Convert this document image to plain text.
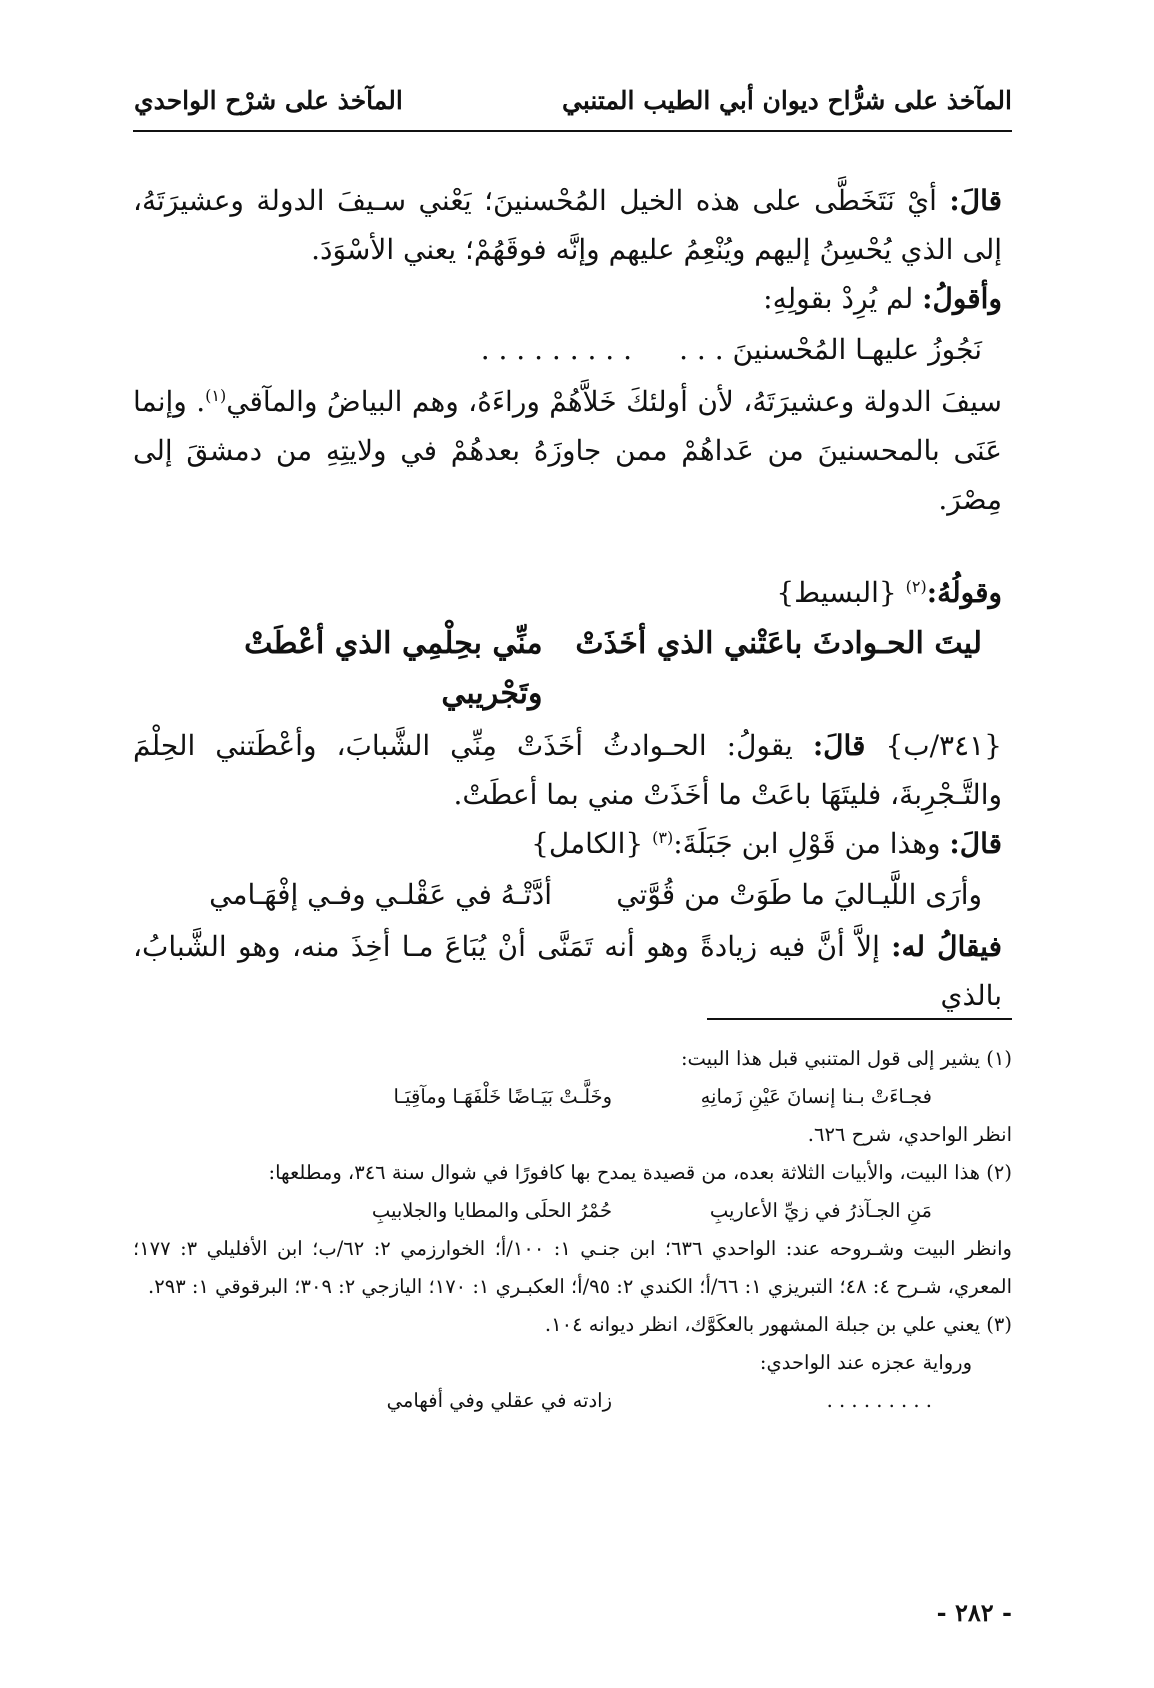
المآخذ على شرُّاح ديوان أبي الطيب المتنبي
المآخذ على شرْح الواحدي

قالَ: أيْ نَتَخَطَّى على هذه الخيل المُحْسنينَ؛ يَعْني سـيفَ الدولة وعشيرَتَهُ، إلى الذي يُحْسِنُ إليهم ويُنْعِمُ عليهم وإنَّه فوقَهُمْ؛ يعني الأسْوَدَ.

وأقولُ: لم يُرِدْ بقولِهِ:

نَجُوزُ عليهـا المُحْسنينَ . . .
. . . . . . . . .

سيفَ الدولة وعشيرَتَهُ، لأن أولئكَ خَلاَّهُمْ وراءَهُ، وهم البياضُ والمآقي$^{(١)}$. وإنما عَنَى بالمحسنينَ من عَداهُمْ ممن جاوزَهُ بعدهُمْ في ولايتِهِ من دمشقَ إلى مِصْرَ.

وقولُهُ:$^{(٢)}$ {البسيط}

ليتَ الحـوادثَ باعَتْني الذي أخَذَتْ
منِّي بحِلْمِي الذي أعْطَتْ وتَجْريبي

{٣٤١/ب} قالَ: يقولُ: الحـوادثُ أخَذَتْ مِنِّي الشَّبابَ، وأعْطَتني الحِلْمَ والتَّـجْرِبةَ، فليتَهَا باعَتْ ما أخَذَتْ مني بما أعطَتْ.

قالَ: وهذا من قَوْلِ ابن جَبَلَةَ:$^{(٣)}$ {الكامل}

وأرَى اللَّيـاليَ ما طَوَتْ من قُوَّتي
أدَّتْـهُ في عَقْلـي وفـي إفْهَـامي

فيقالُ له: إلاَّ أنَّ فيه زيادةً وهو أنه تَمَنَّى أنْ يُبَاعَ مـا أخِذَ منه، وهو الشَّبابُ، بالذي

(١) يشير إلى قول المتنبي قبل هذا البيت:

فجـاءَتْ بـنا إنسانَ عَيْنِ زَمانِهِ
وخَلَّـتْ بَيَـاضًا خَلْفَهَـا ومآقِيَـا

انظر الواحدي، شرح ٦٢٦.

(٢) هذا البيت، والأبيات الثلاثة بعده، من قصيدة يمدح بها كافورًا في شوال سنة ٣٤٦، ومطلعها:

مَنِ الجـآذرُ في زيِّ الأعاريبِ
حُمْرُ الحلَى والمطايا والجلابيبِ

وانظر البيت وشـروحه عند: الواحدي ٦٣٦؛ ابن جنـي ١: ١٠٠/أ؛ الخوارزمي ٢: ٦٢/ب؛ ابن الأفليلي ٣: ١٧٧؛ المعري، شـرح ٤: ٤٨؛ التبريزي ١: ٦٦/أ؛ الكندي ٢: ٩٥/أ؛ العكبـري ١: ١٧٠؛ اليازجي ٢: ٣٠٩؛ البرقوقي ١: ٢٩٣.

(٣) يعني علي بن جبلة المشهور بالعكَوَّك، انظر ديوانه ١٠٤.

ورواية عجزه عند الواحدي:

. . . . . . . . .
زادته في عقلي وفي أفهامي
- ٢٨٢ -
